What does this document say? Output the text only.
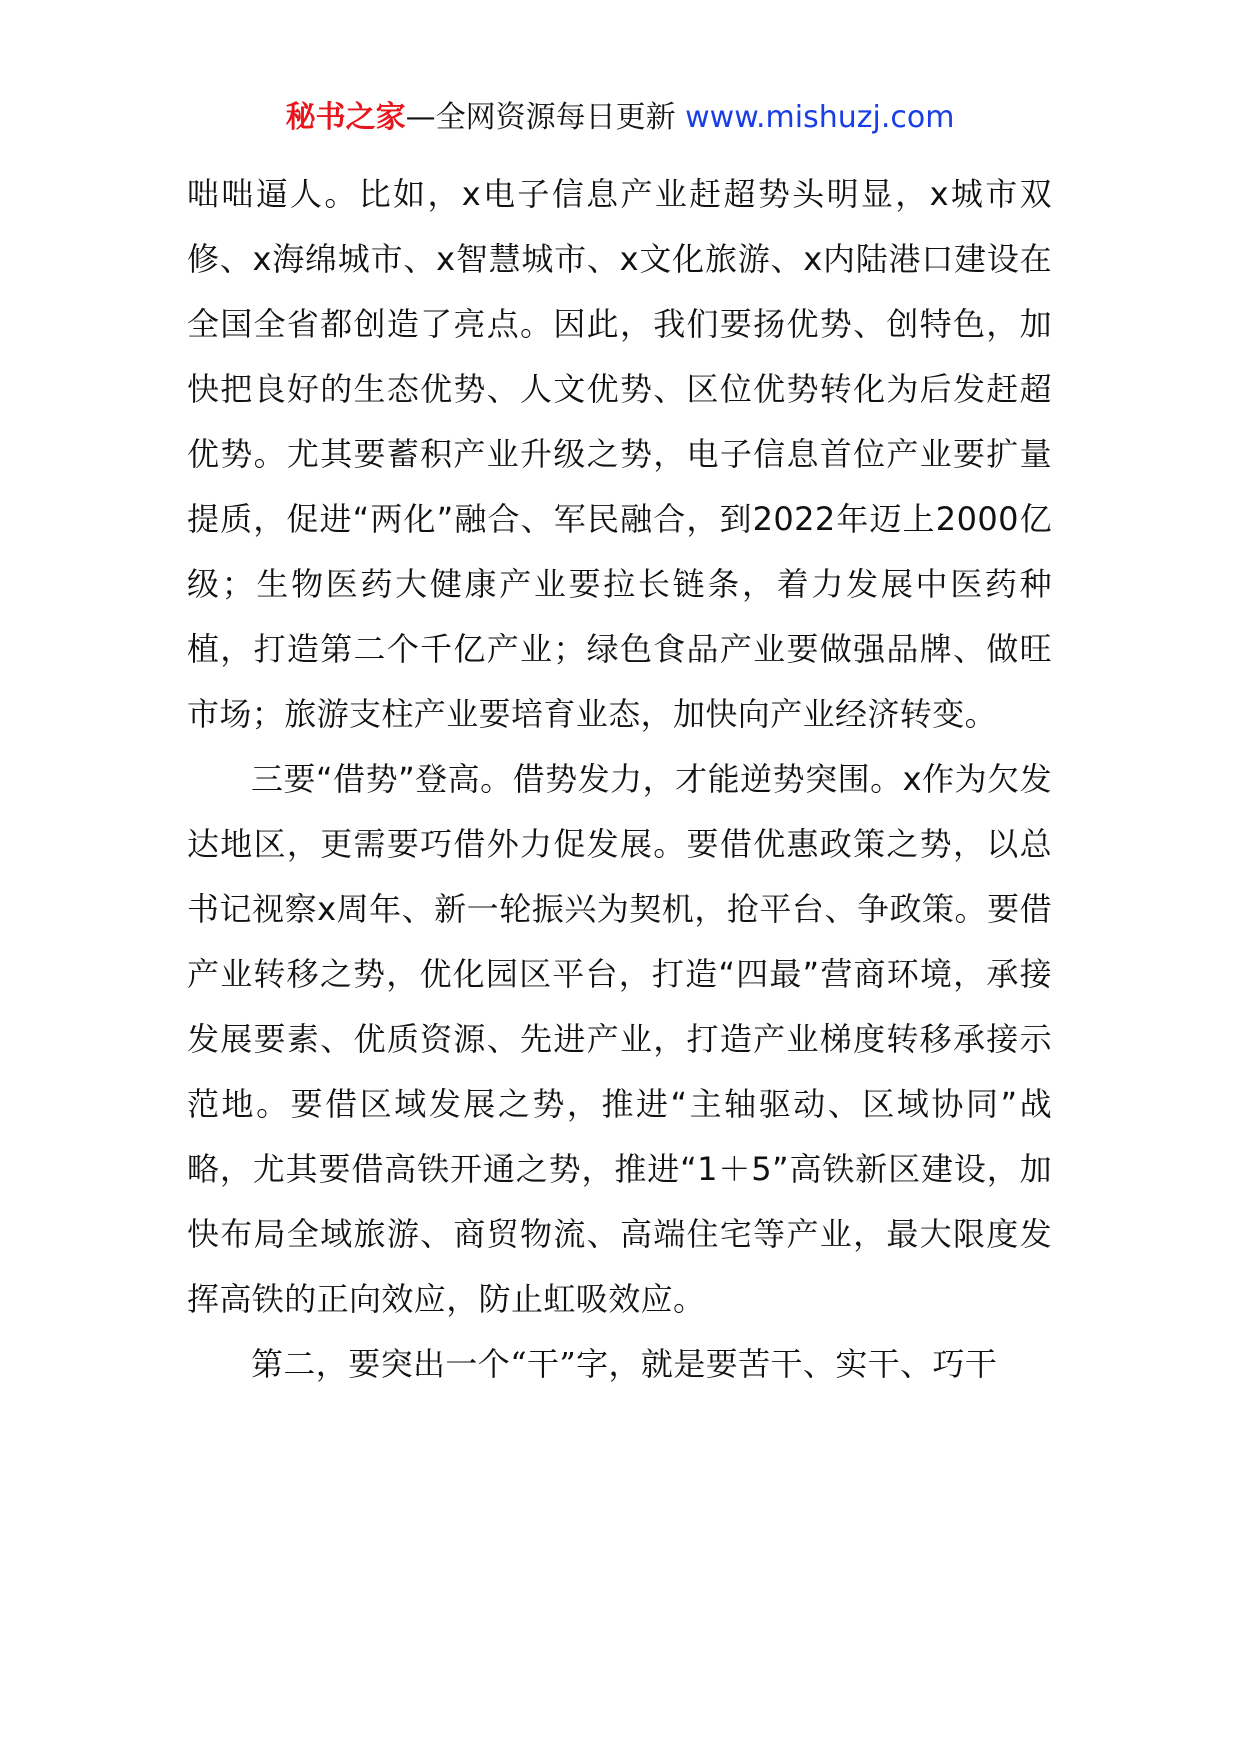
秘书之家—全网资源每日更新 www.mishuzj.com

咄咄逼人。比如，x电子信息产业赶超势头明显，x城市双修、x海绵城市、x智慧城市、x文化旅游、x内陆港口建设在全国全省都创造了亮点。因此，我们要扬优势、创特色，加快把良好的生态优势、人文优势、区位优势转化为后发赶超优势。尤其要蓄积产业升级之势，电子信息首位产业要扩量提质，促进“两化”融合、军民融合，到2022年迈上2000亿级；生物医药大健康产业要拉长链条，着力发展中医药种植，打造第二个千亿产业；绿色食品产业要做强品牌、做旺市场；旅游支柱产业要培育业态，加快向产业经济转变。

三要“借势”登高。借势发力，才能逆势突围。x作为欠发达地区，更需要巧借外力促发展。要借优惠政策之势，以总书记视察x周年、新一轮振兴为契机，抢平台、争政策。要借产业转移之势，优化园区平台，打造“四最”营商环境，承接发展要素、优质资源、先进产业，打造产业梯度转移承接示范地。要借区域发展之势，推进“主轴驱动、区域协同”战略，尤其要借高铁开通之势，推进“1＋5”高铁新区建设，加快布局全域旅游、商贸物流、高端住宅等产业，最大限度发挥高铁的正向效应，防止虹吸效应。

第二，要突出一个“干”字，就是要苦干、实干、巧干
